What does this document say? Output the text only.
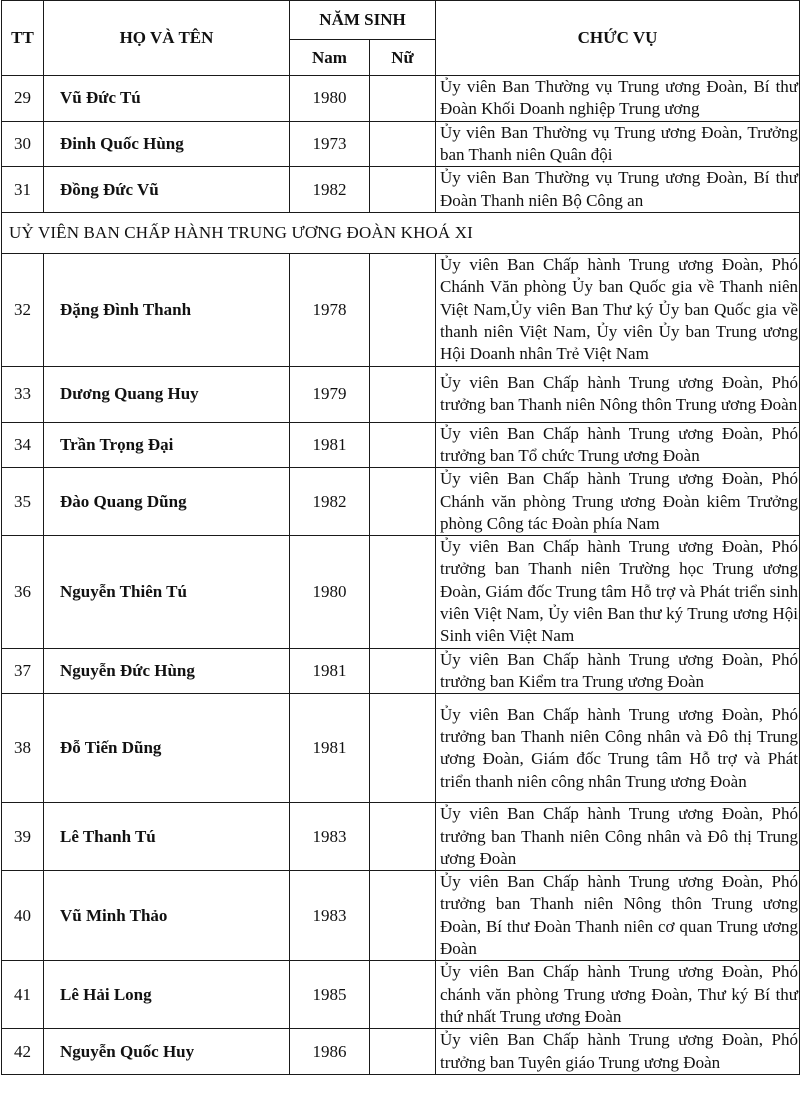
TT	HỌ VÀ TÊN	NĂM SINH		CHỨC VỤ
		Nam	Nữ	
29	Vũ Đức Tú	1980		Ủy viên Ban Thường vụ Trung ương Đoàn, Bí thư Đoàn Khối Doanh nghiệp Trung ương
30	Đinh Quốc Hùng	1973		Ủy viên Ban Thường vụ Trung ương Đoàn, Trưởng ban Thanh niên Quân đội
31	Đồng Đức Vũ	1982		Ủy viên Ban Thường vụ Trung ương Đoàn, Bí thư Đoàn Thanh niên Bộ Công an
UỶ VIÊN BAN CHẤP HÀNH TRUNG ƯƠNG ĐOÀN KHOÁ XI				
32	Đặng Đình Thanh	1978		Ủy viên Ban Chấp hành Trung ương Đoàn, Phó Chánh Văn phòng Ủy ban Quốc gia về Thanh niên Việt Nam,Ủy viên Ban Thư ký Ủy ban Quốc gia về thanh niên Việt Nam, Ủy viên Ủy ban Trung ương Hội Doanh nhân Trẻ Việt Nam
33	Dương Quang Huy	1979		Ủy viên Ban Chấp hành Trung ương Đoàn, Phó trưởng ban Thanh niên Nông thôn Trung ương Đoàn
34	Trần Trọng Đại	1981		Ủy viên Ban Chấp hành Trung ương Đoàn, Phó trưởng ban Tổ chức Trung ương Đoàn
35	Đào Quang Dũng	1982		Ủy viên Ban Chấp hành Trung ương Đoàn, Phó Chánh văn phòng Trung ương Đoàn kiêm Trưởng phòng Công tác Đoàn phía Nam
36	Nguyễn Thiên Tú	1980		Ủy viên Ban Chấp hành Trung ương Đoàn, Phó trưởng ban Thanh niên Trường học Trung ương Đoàn, Giám đốc Trung tâm Hỗ trợ và Phát triển sinh viên Việt Nam, Ủy viên Ban thư ký Trung ương Hội Sinh viên Việt Nam
37	Nguyễn Đức Hùng	1981		Ủy viên Ban Chấp hành Trung ương Đoàn, Phó trưởng ban Kiểm tra Trung ương Đoàn
38	Đỗ Tiến Dũng	1981		Ủy viên Ban Chấp hành Trung ương Đoàn, Phó trưởng ban Thanh niên Công nhân và Đô thị Trung ương Đoàn, Giám đốc Trung tâm Hỗ trợ và Phát triển thanh niên công nhân Trung ương Đoàn
39	Lê Thanh Tú	1983		Ủy viên Ban Chấp hành Trung ương Đoàn, Phó trưởng ban Thanh niên Công nhân và Đô thị Trung ương Đoàn
40	Vũ Minh Thảo	1983		Ủy viên Ban Chấp hành Trung ương Đoàn, Phó trưởng ban Thanh niên Nông thôn Trung ương Đoàn, Bí thư Đoàn Thanh niên cơ quan Trung ương Đoàn
41	Lê Hải Long	1985		Ủy viên Ban Chấp hành Trung ương Đoàn, Phó chánh văn phòng Trung ương Đoàn, Thư ký Bí thư thứ nhất Trung ương Đoàn
42	Nguyễn Quốc Huy	1986		Ủy viên Ban Chấp hành Trung ương Đoàn, Phó trưởng ban Tuyên giáo Trung ương Đoàn
